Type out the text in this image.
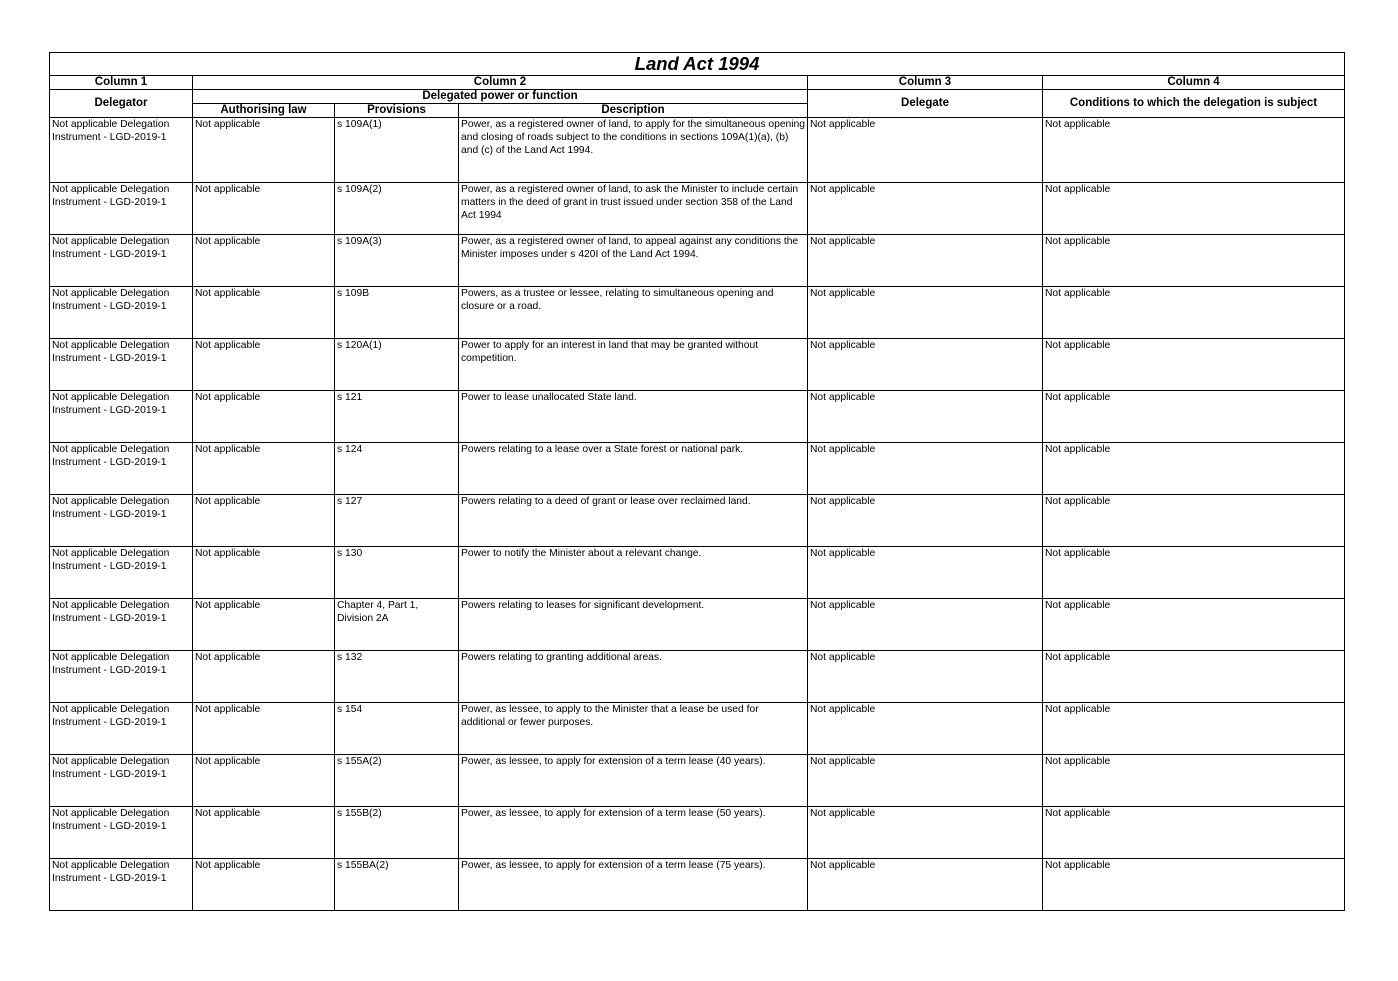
Land Act 1994					
Column 1	Column 2			Column 3	Column 4
Delegator	Delegated power or function			Delegate	Conditions to which the delegation is subject
	Authorising law	Provisions	Description		
Not applicable Delegation Instrument - LGD-2019-1	Not applicable	s 109A(1)	Power, as a registered owner of land, to apply for the simultaneous opening and closing of roads subject to the conditions in sections 109A(1)(a), (b) and (c) of the Land Act 1994.	Not applicable	Not applicable
Not applicable Delegation Instrument - LGD-2019-1	Not applicable	s 109A(2)	Power, as a registered owner of land, to ask the Minister to include certain matters in the deed of grant in trust issued under section 358 of the Land Act 1994	Not applicable	Not applicable
Not applicable Delegation Instrument - LGD-2019-1	Not applicable	s 109A(3)	Power, as a registered owner of land, to appeal against any conditions the Minister imposes under s 420I of the Land Act 1994.	Not applicable	Not applicable
Not applicable Delegation Instrument - LGD-2019-1	Not applicable	s 109B	Powers, as a trustee or lessee, relating to simultaneous opening and closure or a road.	Not applicable	Not applicable
Not applicable Delegation Instrument - LGD-2019-1	Not applicable	s 120A(1)	Power to apply for an interest in land that may be granted without competition.	Not applicable	Not applicable
Not applicable Delegation Instrument - LGD-2019-1	Not applicable	s 121	Power to lease unallocated State land.	Not applicable	Not applicable
Not applicable Delegation Instrument - LGD-2019-1	Not applicable	s 124	Powers relating to a lease over a State forest or national park.	Not applicable	Not applicable
Not applicable Delegation Instrument - LGD-2019-1	Not applicable	s 127	Powers relating to a deed of grant or lease over reclaimed land.	Not applicable	Not applicable
Not applicable Delegation Instrument - LGD-2019-1	Not applicable	s 130	Power to notify the Minister about a relevant change.	Not applicable	Not applicable
Not applicable Delegation Instrument - LGD-2019-1	Not applicable	Chapter 4, Part 1, Division 2A	Powers relating to leases for significant development.	Not applicable	Not applicable
Not applicable Delegation Instrument - LGD-2019-1	Not applicable	s 132	Powers relating to granting additional areas.	Not applicable	Not applicable
Not applicable Delegation Instrument - LGD-2019-1	Not applicable	s 154	Power, as lessee, to apply to the Minister that a lease be used for additional or fewer purposes.	Not applicable	Not applicable
Not applicable Delegation Instrument - LGD-2019-1	Not applicable	s 155A(2)	Power, as lessee, to apply for extension of a term lease (40 years).	Not applicable	Not applicable
Not applicable Delegation Instrument - LGD-2019-1	Not applicable	s 155B(2)	Power, as lessee, to apply for extension of a term lease (50 years).	Not applicable	Not applicable
Not applicable Delegation Instrument - LGD-2019-1	Not applicable	s 155BA(2)	Power, as lessee, to apply for extension of a term lease (75 years).	Not applicable	Not applicable
